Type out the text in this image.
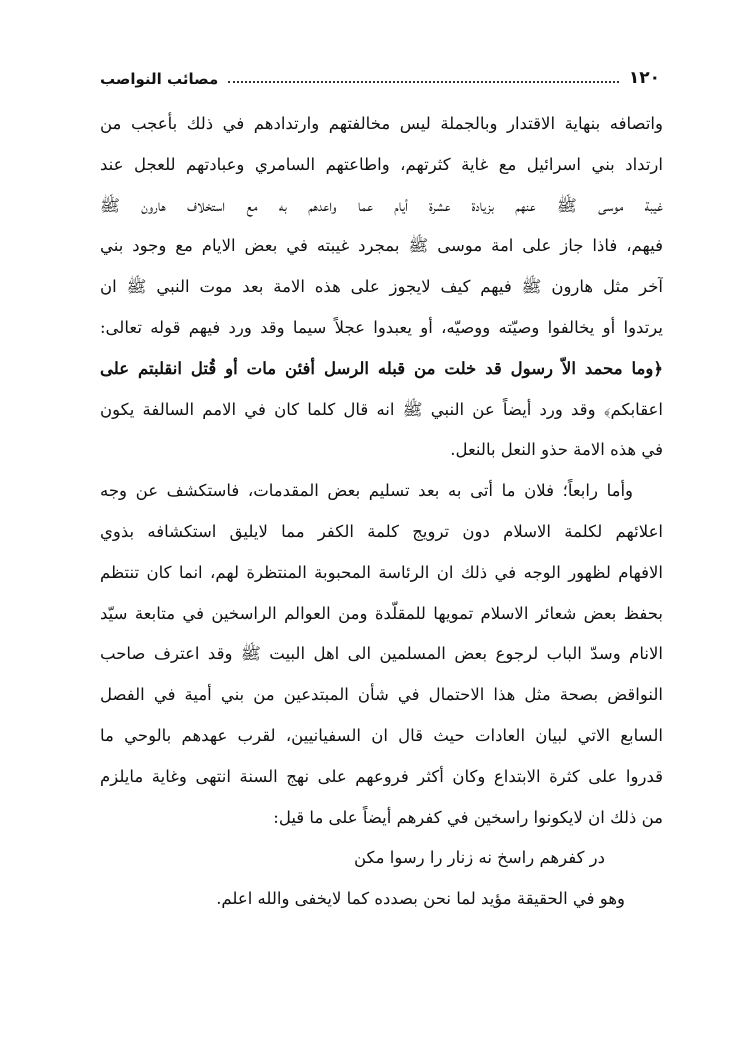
١٢٠
مصائب النواصب
واتصافه بنهاية الاقتدار وبالجملة ليس مخالفتهم وارتدادهم في ذلك بأعجب من
ارتداد بني اسرائيل مع غاية كثرتهم، واطاعتهم السامري وعبادتهم للعجل عند
غيبة موسى ﷺ عنهم بزيادة عشرة أيام عما واعدهم به مع استخلاف هارون ﷺ
فيهم، فاذا جاز على امة موسى ﷺ بمجرد غيبته في بعض الايام مع وجود بني
آخر مثل هارون ﷺ فيهم كيف لايجوز على هذه الامة بعد موت النبي ﷺ ان
يرتدوا أو يخالفوا وصيّته ووصيّه، أو يعبدوا عجلاً سيما وقد ورد فيهم قوله تعالى:
﴿وما محمد الاّ رسول قد خلت من قبله الرسل أفئن مات أو قُتل انقلبتم على
اعقابكم﴾ وقد ورد أيضاً عن النبي ﷺ انه قال كلما كان في الامم السالفة يكون
في هذه الامة حذو النعل بالنعل.
وأما رابعاً؛ فلان ما أتى به بعد تسليم بعض المقدمات، فاستكشف عن وجه
اعلائهم لكلمة الاسلام دون ترويج كلمة الكفر مما لايليق استكشافه بذوي
الافهام لظهور الوجه في ذلك ان الرئاسة المحبوبة المنتظرة لهم، انما كان تنتظم
بحفظ بعض شعائر الاسلام تمويها للمقلّدة ومن العوالم الراسخين في متابعة سيّد
الانام وسدّ الباب لرجوع بعض المسلمين الى اهل البيت ﷺ وقد اعترف صاحب
النواقض بصحة مثل هذا الاحتمال في شأن المبتدعين من بني أمية في الفصل
السابع الاتي لبيان العادات حيث قال ان السفيانيين، لقرب عهدهم بالوحي ما
قدروا على كثرة الابتداع وكان أكثر فروعهم على نهج السنة انتهى وغاية مايلزم
من ذلك ان لايكونوا راسخين في كفرهم أيضاً على ما قيل:
در كفرهم راسخ نه زنار را رسوا مكن
وهو في الحقيقة مؤيد لما نحن بصدده كما لايخفى والله اعلم.
